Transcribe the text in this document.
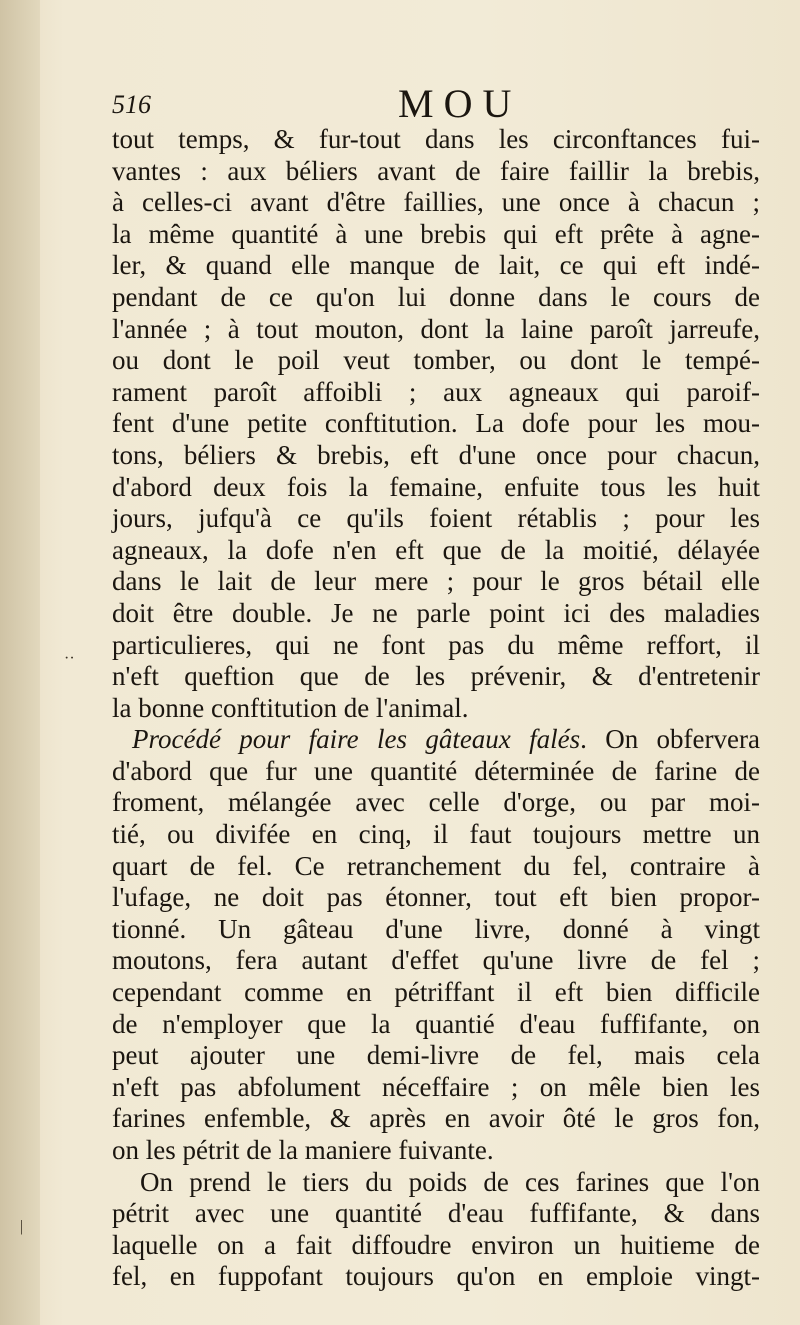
516	MOU
··
|
tout temps, & fur-tout dans les circonftances fui-
vantes : aux béliers avant de faire faillir la brebis,
à celles-ci avant d'être faillies, une once à chacun ;
la même quantité à une brebis qui eft prête à agne-
ler, & quand elle manque de lait, ce qui eft indé-
pendant de ce qu'on lui donne dans le cours de
l'année ; à tout mouton, dont la laine paroît jarreufe,
ou dont le poil veut tomber, ou dont le tempé-
rament paroît affoibli ; aux agneaux qui paroif-
fent d'une petite conftitution. La dofe pour les mou-
tons, béliers & brebis, eft d'une once pour chacun,
d'abord deux fois la femaine, enfuite tous les huit
jours, jufqu'à ce qu'ils foient rétablis ; pour les
agneaux, la dofe n'en eft que de la moitié, délayée
dans le lait de leur mere ; pour le gros bétail elle
doit être double. Je ne parle point ici des maladies
particulieres, qui ne font pas du même reffort, il
n'eft queftion que de les prévenir, & d'entretenir
la bonne conftitution de l'animal.
Procédé pour faire les gâteaux falés. On obfervera
d'abord que fur une quantité déterminée de farine de
froment, mélangée avec celle d'orge, ou par moi-
tié, ou divifée en cinq, il faut toujours mettre un
quart de fel. Ce retranchement du fel, contraire à
l'ufage, ne doit pas étonner, tout eft bien propor-
tionné. Un gâteau d'une livre, donné à vingt
moutons, fera autant d'effet qu'une livre de fel ;
cependant comme en pétriffant il eft bien difficile
de n'employer que la quantié d'eau fuffifante, on
peut ajouter une demi-livre de fel, mais cela
n'eft pas abfolument néceffaire ; on mêle bien les
farines enfemble, & après en avoir ôté le gros fon,
on les pétrit de la maniere fuivante.
On prend le tiers du poids de ces farines que l'on
pétrit avec une quantité d'eau fuffifante, & dans
laquelle on a fait diffoudre environ un huitieme de
fel, en fuppofant toujours qu'on en emploie vingt-
